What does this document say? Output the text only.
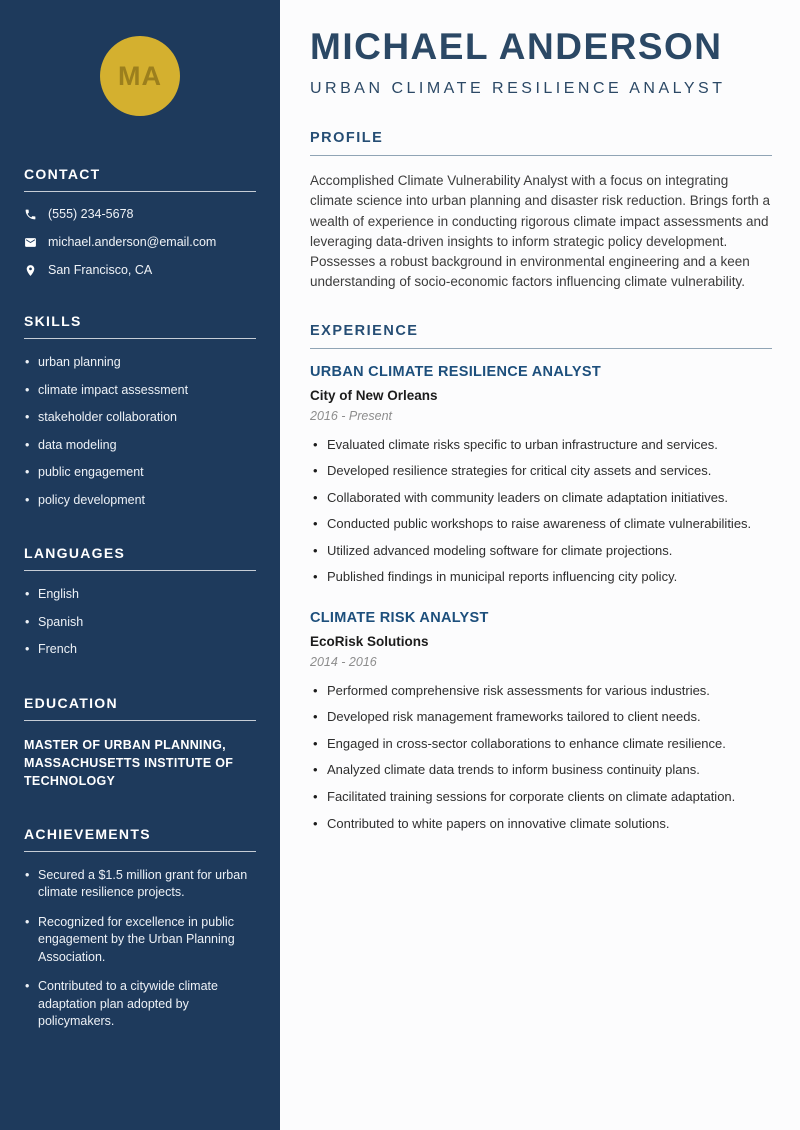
MA
CONTACT
(555) 234-5678
michael.anderson@email.com
San Francisco, CA
SKILLS
• urban planning
• climate impact assessment
• stakeholder collaboration
• data modeling
• public engagement
• policy development
LANGUAGES
• English
• Spanish
• French
EDUCATION

MASTER OF URBAN PLANNING, MASSACHUSETTS INSTITUTE OF TECHNOLOGY

ACHIEVEMENTS
• Secured a $1.5 million grant for urban climate resilience projects.
• Recognized for excellence in public engagement by the Urban Planning Association.
• Contributed to a citywide climate adaptation plan adopted by policymakers.
MICHAEL ANDERSON
URBAN CLIMATE RESILIENCE ANALYST
PROFILE

Accomplished Climate Vulnerability Analyst with a focus on integrating climate science into urban planning and disaster risk reduction. Brings forth a wealth of experience in conducting rigorous climate impact assessments and leveraging data-driven insights to inform strategic policy development. Possesses a robust background in environmental engineering and a keen understanding of socio-economic factors influencing climate vulnerability.

EXPERIENCE
URBAN CLIMATE RESILIENCE ANALYST
City of New Orleans
2016 - Present
• Evaluated climate risks specific to urban infrastructure and services.
• Developed resilience strategies for critical city assets and services.
• Collaborated with community leaders on climate adaptation initiatives.
• Conducted public workshops to raise awareness of climate vulnerabilities.
• Utilized advanced modeling software for climate projections.
• Published findings in municipal reports influencing city policy.
CLIMATE RISK ANALYST
EcoRisk Solutions
2014 - 2016
• Performed comprehensive risk assessments for various industries.
• Developed risk management frameworks tailored to client needs.
• Engaged in cross-sector collaborations to enhance climate resilience.
• Analyzed climate data trends to inform business continuity plans.
• Facilitated training sessions for corporate clients on climate adaptation.
• Contributed to white papers on innovative climate solutions.
